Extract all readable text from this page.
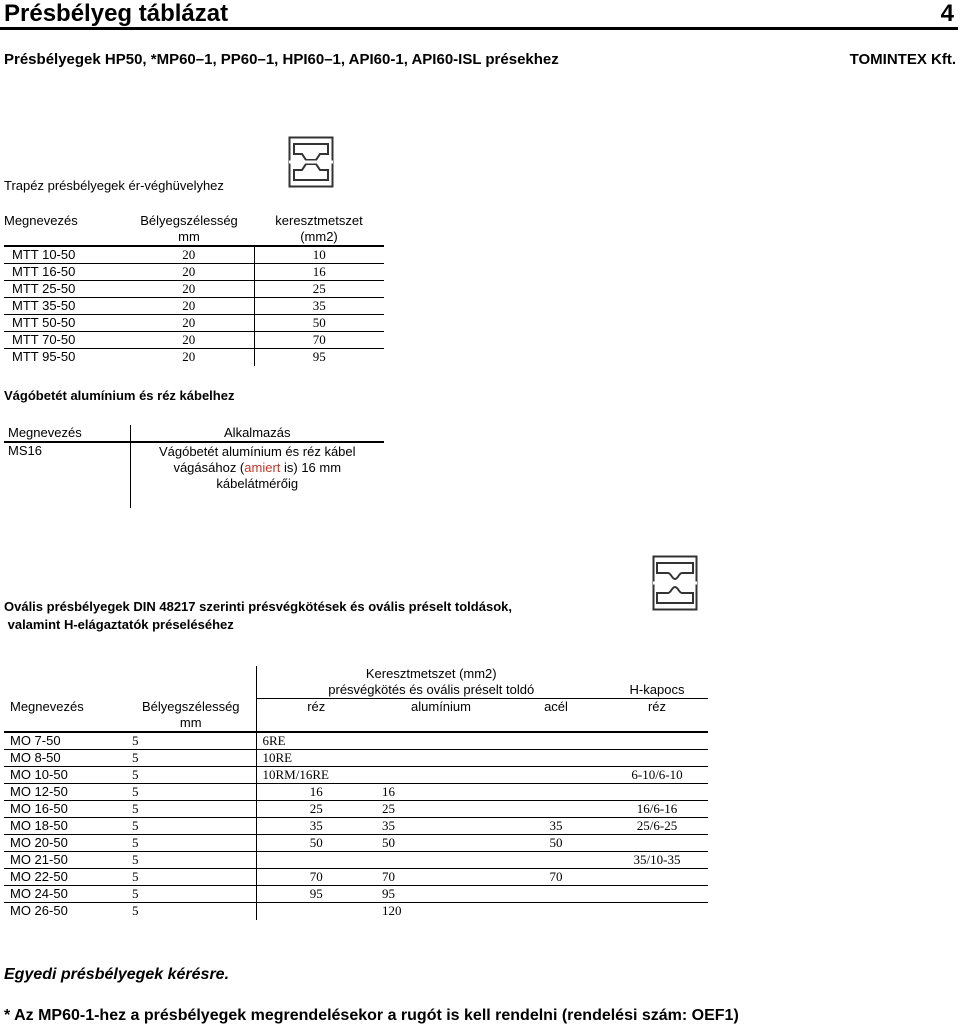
Présbélyeg táblázat	4
Présbélyegek HP50, *MP60–1, PP60–1, HPI60–1, API60-1, API60-ISL présekhez	TOMINTEX Kft.
Trapéz présbélyegek ér-véghüvelyhez
Megnevezés	Bélyegszélesség
mm	keresztmetszet
(mm2)
MTT 10-50	20	10
MTT 16-50	20	16
MTT 25-50	20	25
MTT 35-50	20	35
MTT 50-50	20	50
MTT 70-50	20	70
MTT 95-50	20	95
Vágóbetét alumínium és réz kábelhez
Megnevezés	Alkalmazás
MS16	Vágóbetét alumínium és réz kábel
vágásához (amiert is) 16 mm
kábelátmérőig
Ovális présbélyegek DIN 48217 szerinti présvégkötések és ovális préselt toldások,
valamint H-elágaztatók préseléséhez
		Keresztmetszet (mm2)			
		présvégkötés és ovális préselt toldó			H-kapocs
Megnevezés	Bélyegszélesség	réz	alumínium	acél	réz
	mm				
MO 7-50	5	6RE			
MO 8-50	5	10RE			
MO 10-50	5	10RM/16RE			6-10/6-10
MO 12-50	5	16	16		
MO 16-50	5	25	25		16/6-16
MO 18-50	5	35	35	35	25/6-25
MO 20-50	5	50	50	50	
MO 21-50	5				35/10-35
MO 22-50	5	70	70	70	
MO 24-50	5	95	95		
MO 26-50	5		120		
Egyedi présbélyegek kérésre.
* Az MP60-1-hez a présbélyegek megrendelésekor a rugót is kell rendelni (rendelési szám: OEF1)
